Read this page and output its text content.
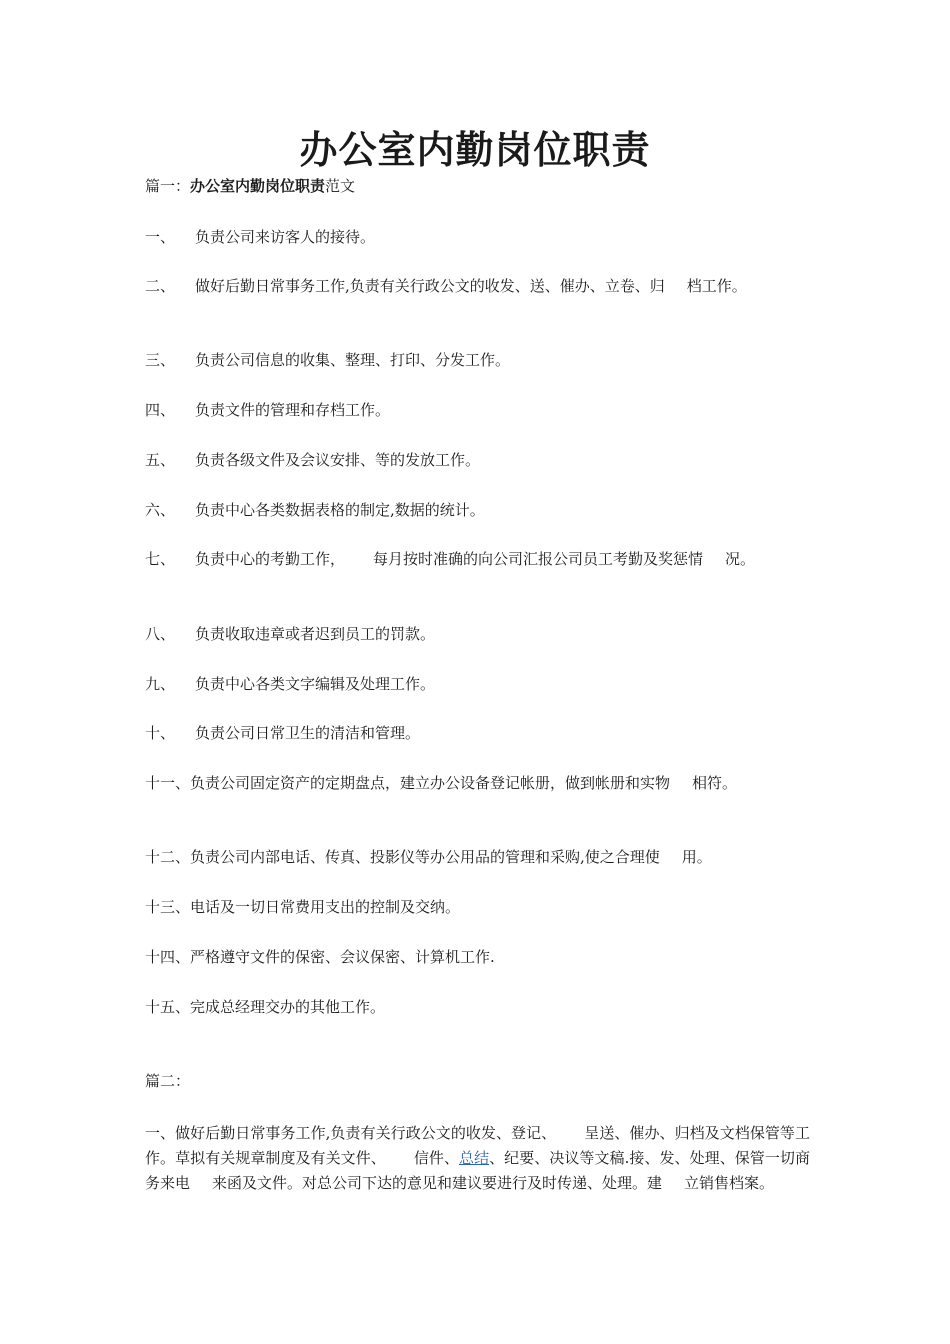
办公室内勤岗位职责
篇一：办公室内勤岗位职责范文
一、 负责公司来访客人的接待。
二、 做好后勤日常事务工作,负责有关行政公文的收发、送、催办、立卷、归 档工作。
三、 负责公司信息的收集、整理、打印、分发工作。
四、 负责文件的管理和存档工作。
五、 负责各级文件及会议安排、等的发放工作。
六、 负责中心各类数据表格的制定,数据的统计。
七、 负责中心的考勤工作， 每月按时准确的向公司汇报公司员工考勤及奖惩情 况。
八、 负责收取违章或者迟到员工的罚款。
九、 负责中心各类文字编辑及处理工作。
十、 负责公司日常卫生的清洁和管理。
十一、负责公司固定资产的定期盘点，建立办公设备登记帐册，做到帐册和实物 相符。
十二、负责公司内部电话、传真、投影仪等办公用品的管理和采购,使之合理使 用。
十三、电话及一切日常费用支出的控制及交纳。
十四、严格遵守文件的保密、会议保密、计算机工作.
十五、完成总经理交办的其他工作。
篇二：
一、做好后勤日常事务工作,负责有关行政公文的收发、登记、 呈送、催办、归档及文档保管等工作。草拟有关规章制度及有关文件、 信件、总结、纪要、决议等文稿.接、发、处理、保管一切商务来电 来函及文件。对总公司下达的意见和建议要进行及时传递、处理。建 立销售档案。
